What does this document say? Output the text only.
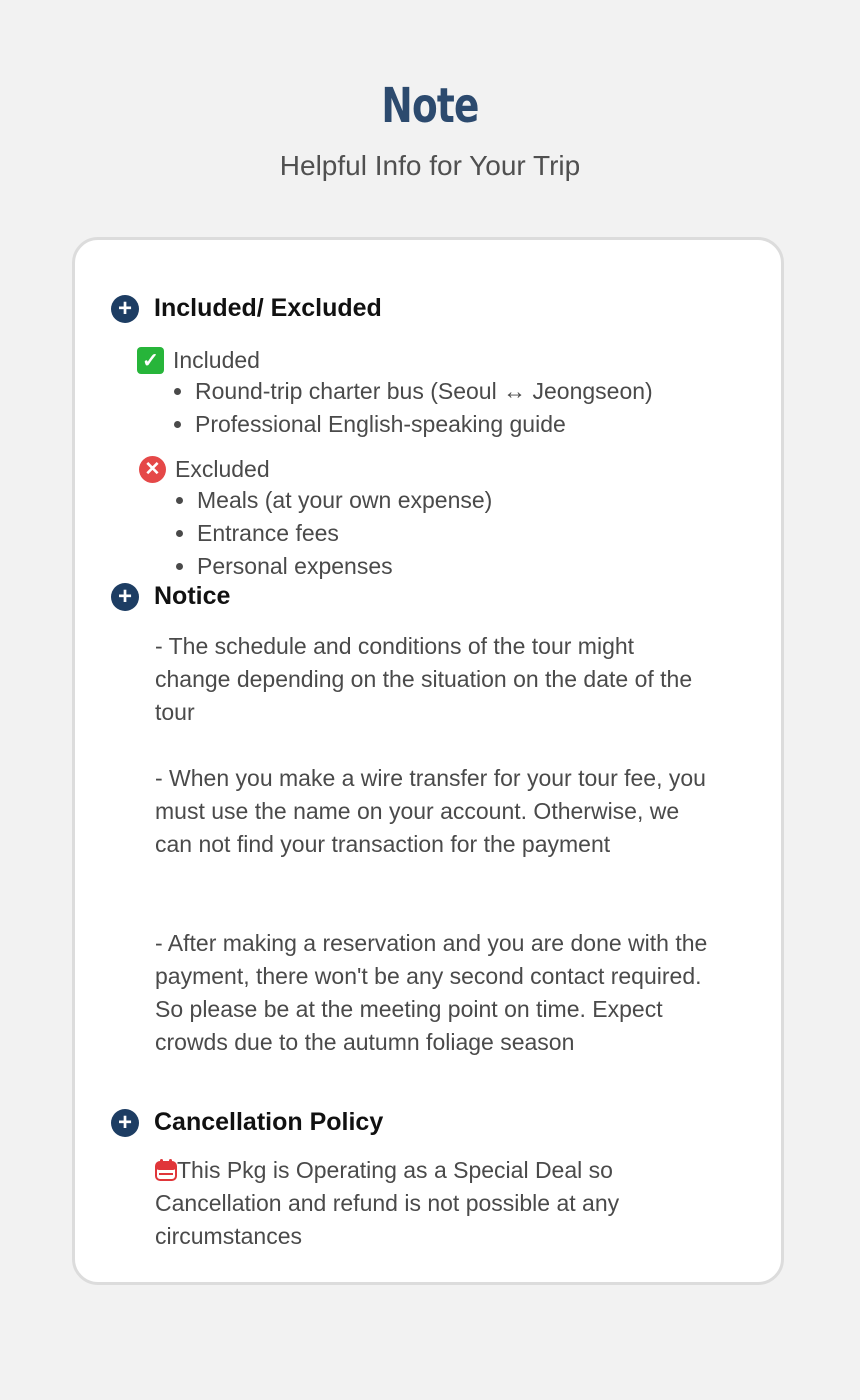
Note
Helpful Info for Your Trip
+ Included/ Excluded
✓ Included
• Round-trip charter bus (Seoul ↔ Jeongseon)
• Professional English-speaking guide
✕ Excluded
• Meals (at your own expense)
• Entrance fees
• Personal expenses
+ Notice

- The schedule and conditions of the tour might change depending on the situation on the date of the tour

- When you make a wire transfer for your tour fee, you must use the name on your account. Otherwise, we can not find your transaction for the payment

- After making a reservation and you are done with the payment, there won't be any second contact required. So please be at the meeting point on time. Expect crowds due to the autumn foliage season

+ Cancellation Policy

This Pkg is Operating as a Special Deal so Cancellation and refund is not possible at any circumstances
